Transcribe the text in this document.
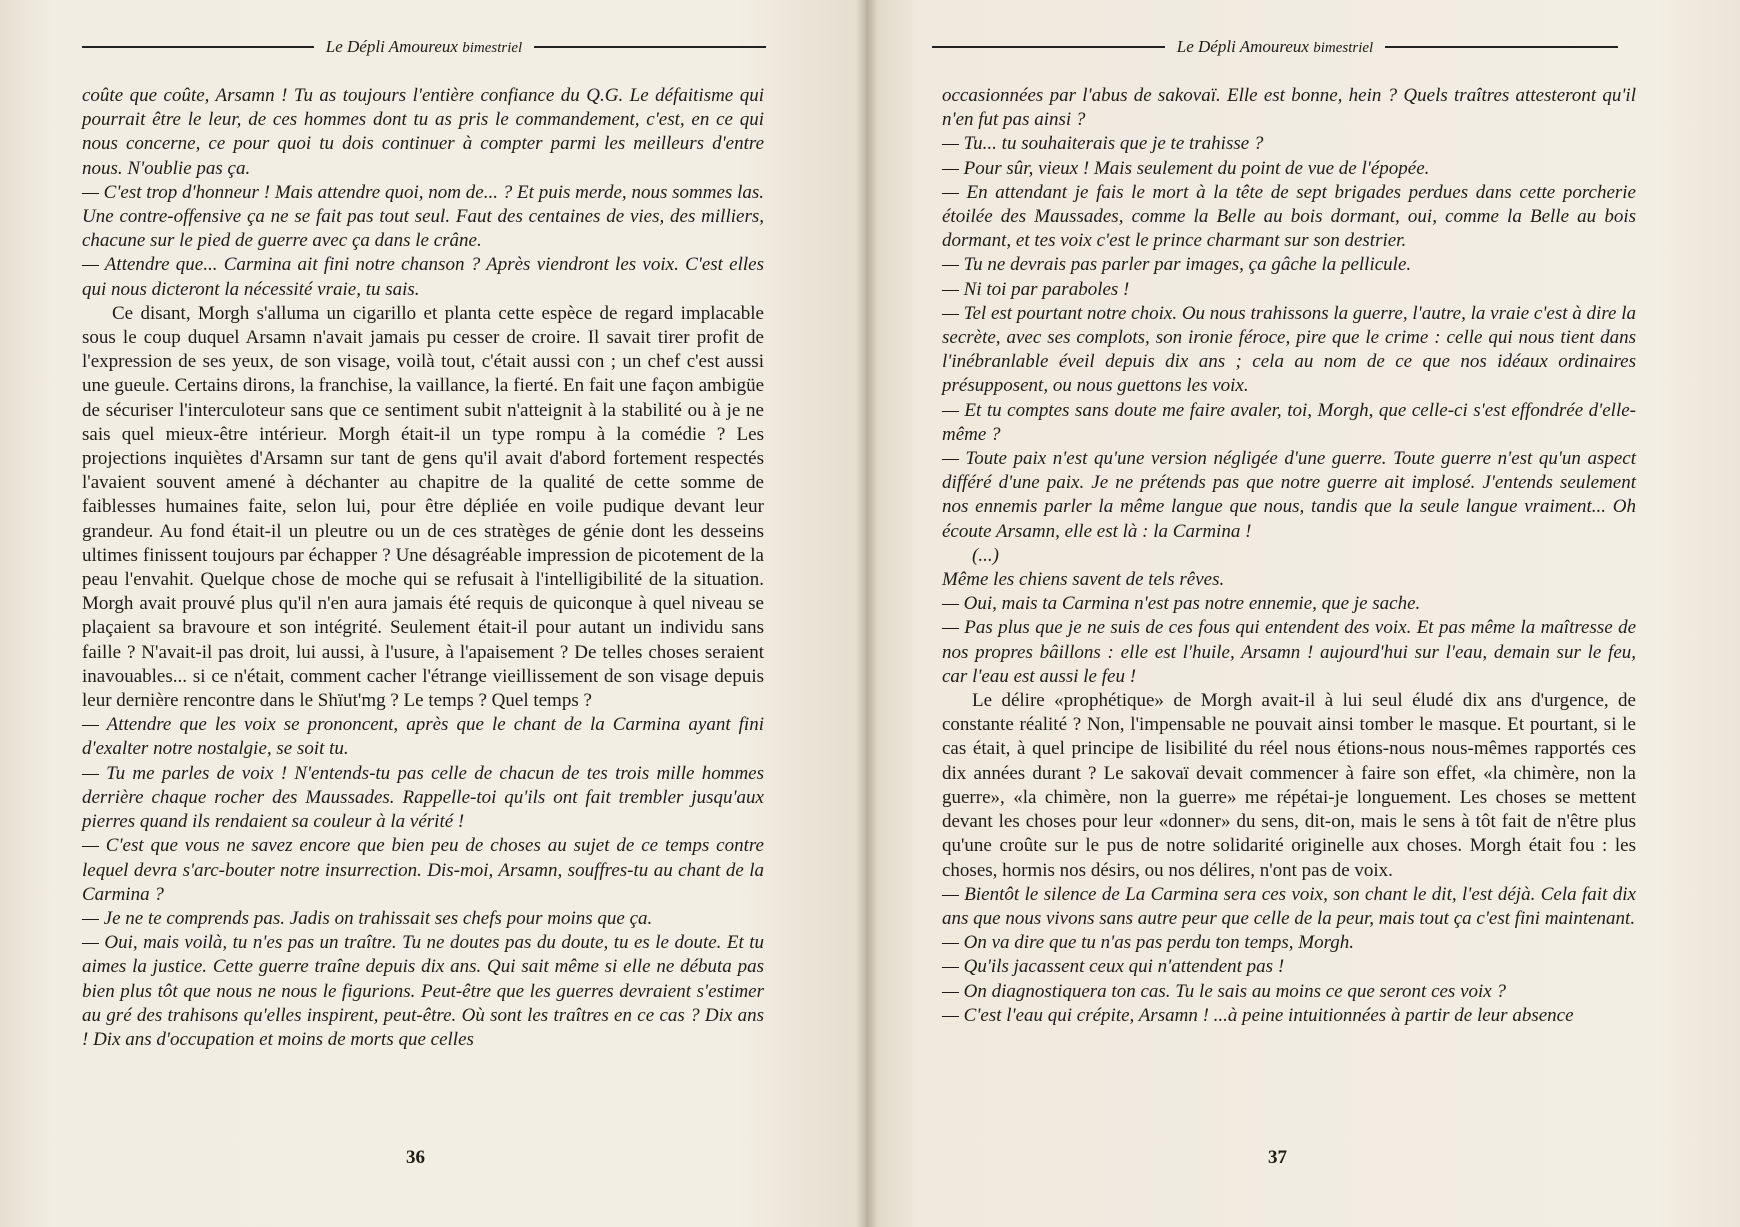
Le Dépli Amoureux bimestriel

coûte que coûte, Arsamn ! Tu as toujours l'entière confiance du Q.G. Le défaitisme qui pourrait être le leur, de ces hommes dont tu as pris le commandement, c'est, en ce qui nous concerne, ce pour quoi tu dois continuer à compter parmi les meilleurs d'entre nous. N'oublie pas ça.

— C'est trop d'honneur ! Mais attendre quoi, nom de... ? Et puis merde, nous sommes las. Une contre-offensive ça ne se fait pas tout seul. Faut des centaines de vies, des milliers, chacune sur le pied de guerre avec ça dans le crâne.

— Attendre que... Carmina ait fini notre chanson ? Après viendront les voix. C'est elles qui nous dicteront la nécessité vraie, tu sais.

Ce disant, Morgh s'alluma un cigarillo et planta cette espèce de regard implacable sous le coup duquel Arsamn n'avait jamais pu cesser de croire. Il savait tirer profit de l'expression de ses yeux, de son visage, voilà tout, c'était aussi con ; un chef c'est aussi une gueule. Certains dirons, la franchise, la vaillance, la fierté. En fait une façon ambigüe de sécuriser l'interculoteur sans que ce sentiment subit n'atteignit à la stabilité ou à je ne sais quel mieux-être intérieur. Morgh était-il un type rompu à la comédie ? Les projections inquiètes d'Arsamn sur tant de gens qu'il avait d'abord fortement respectés l'avaient souvent amené à déchanter au chapitre de la qualité de cette somme de faiblesses humaines faite, selon lui, pour être dépliée en voile pudique devant leur grandeur. Au fond était-il un pleutre ou un de ces stratèges de génie dont les desseins ultimes finissent toujours par échapper ? Une désagréable impression de picotement de la peau l'envahit. Quelque chose de moche qui se refusait à l'intelligibilité de la situation. Morgh avait prouvé plus qu'il n'en aura jamais été requis de quiconque à quel niveau se plaçaient sa bravoure et son intégrité. Seulement était-il pour autant un individu sans faille ? N'avait-il pas droit, lui aussi, à l'usure, à l'apaisement ? De telles choses seraient inavouables... si ce n'était, comment cacher l'étrange vieillissement de son visage depuis leur dernière rencontre dans le Shïut'mg ? Le temps ? Quel temps ?

— Attendre que les voix se prononcent, après que le chant de la Carmina ayant fini d'exalter notre nostalgie, se soit tu.

— Tu me parles de voix ! N'entends-tu pas celle de chacun de tes trois mille hommes derrière chaque rocher des Maussades. Rappelle-toi qu'ils ont fait trembler jusqu'aux pierres quand ils rendaient sa couleur à la vérité !

— C'est que vous ne savez encore que bien peu de choses au sujet de ce temps contre lequel devra s'arc-bouter notre insurrection. Dis-moi, Arsamn, souffres-tu au chant de la Carmina ?

— Je ne te comprends pas. Jadis on trahissait ses chefs pour moins que ça.

— Oui, mais voilà, tu n'es pas un traître. Tu ne doutes pas du doute, tu es le doute. Et tu aimes la justice. Cette guerre traîne depuis dix ans. Qui sait même si elle ne débuta pas bien plus tôt que nous ne nous le figurions. Peut-être que les guerres devraient s'estimer au gré des trahisons qu'elles inspirent, peut-être. Où sont les traîtres en ce cas ? Dix ans ! Dix ans d'occupation et moins de morts que celles

36
Le Dépli Amoureux bimestriel

occasionnées par l'abus de sakovaï. Elle est bonne, hein ? Quels traîtres attesteront qu'il n'en fut pas ainsi ?

— Tu... tu souhaiterais que je te trahisse ?

— Pour sûr, vieux ! Mais seulement du point de vue de l'épopée.

— En attendant je fais le mort à la tête de sept brigades perdues dans cette porcherie étoilée des Maussades, comme la Belle au bois dormant, oui, comme la Belle au bois dormant, et tes voix c'est le prince charmant sur son destrier.

— Tu ne devrais pas parler par images, ça gâche la pellicule.

— Ni toi par paraboles !

— Tel est pourtant notre choix. Ou nous trahissons la guerre, l'autre, la vraie c'est à dire la secrète, avec ses complots, son ironie féroce, pire que le crime : celle qui nous tient dans l'inébranlable éveil depuis dix ans ; cela au nom de ce que nos idéaux ordinaires présupposent, ou nous guettons les voix.

— Et tu comptes sans doute me faire avaler, toi, Morgh, que celle-ci s'est effondrée d'elle-même ?

— Toute paix n'est qu'une version négligée d'une guerre. Toute guerre n'est qu'un aspect différé d'une paix. Je ne prétends pas que notre guerre ait implosé. J'entends seulement nos ennemis parler la même langue que nous, tandis que la seule langue vraiment... Oh écoute Arsamn, elle est là : la Carmina !

(...)

Même les chiens savent de tels rêves.

— Oui, mais ta Carmina n'est pas notre ennemie, que je sache.

— Pas plus que je ne suis de ces fous qui entendent des voix. Et pas même la maîtresse de nos propres bâillons : elle est l'huile, Arsamn ! aujourd'hui sur l'eau, demain sur le feu, car l'eau est aussi le feu !

Le délire «prophétique» de Morgh avait-il à lui seul éludé dix ans d'urgence, de constante réalité ? Non, l'impensable ne pouvait ainsi tomber le masque. Et pourtant, si le cas était, à quel principe de lisibilité du réel nous étions-nous nous-mêmes rapportés ces dix années durant ? Le sakovaï devait commencer à faire son effet, «la chimère, non la guerre», «la chimère, non la guerre» me répétai-je longuement. Les choses se mettent devant les choses pour leur «donner» du sens, dit-on, mais le sens à tôt fait de n'être plus qu'une croûte sur le pus de notre solidarité originelle aux choses. Morgh était fou : les choses, hormis nos désirs, ou nos délires, n'ont pas de voix.

— Bientôt le silence de La Carmina sera ces voix, son chant le dit, l'est déjà. Cela fait dix ans que nous vivons sans autre peur que celle de la peur, mais tout ça c'est fini maintenant.

— On va dire que tu n'as pas perdu ton temps, Morgh.

— Qu'ils jacassent ceux qui n'attendent pas !

— On diagnostiquera ton cas. Tu le sais au moins ce que seront ces voix ?

— C'est l'eau qui crépite, Arsamn ! ...à peine intuitionnées à partir de leur absence

37
